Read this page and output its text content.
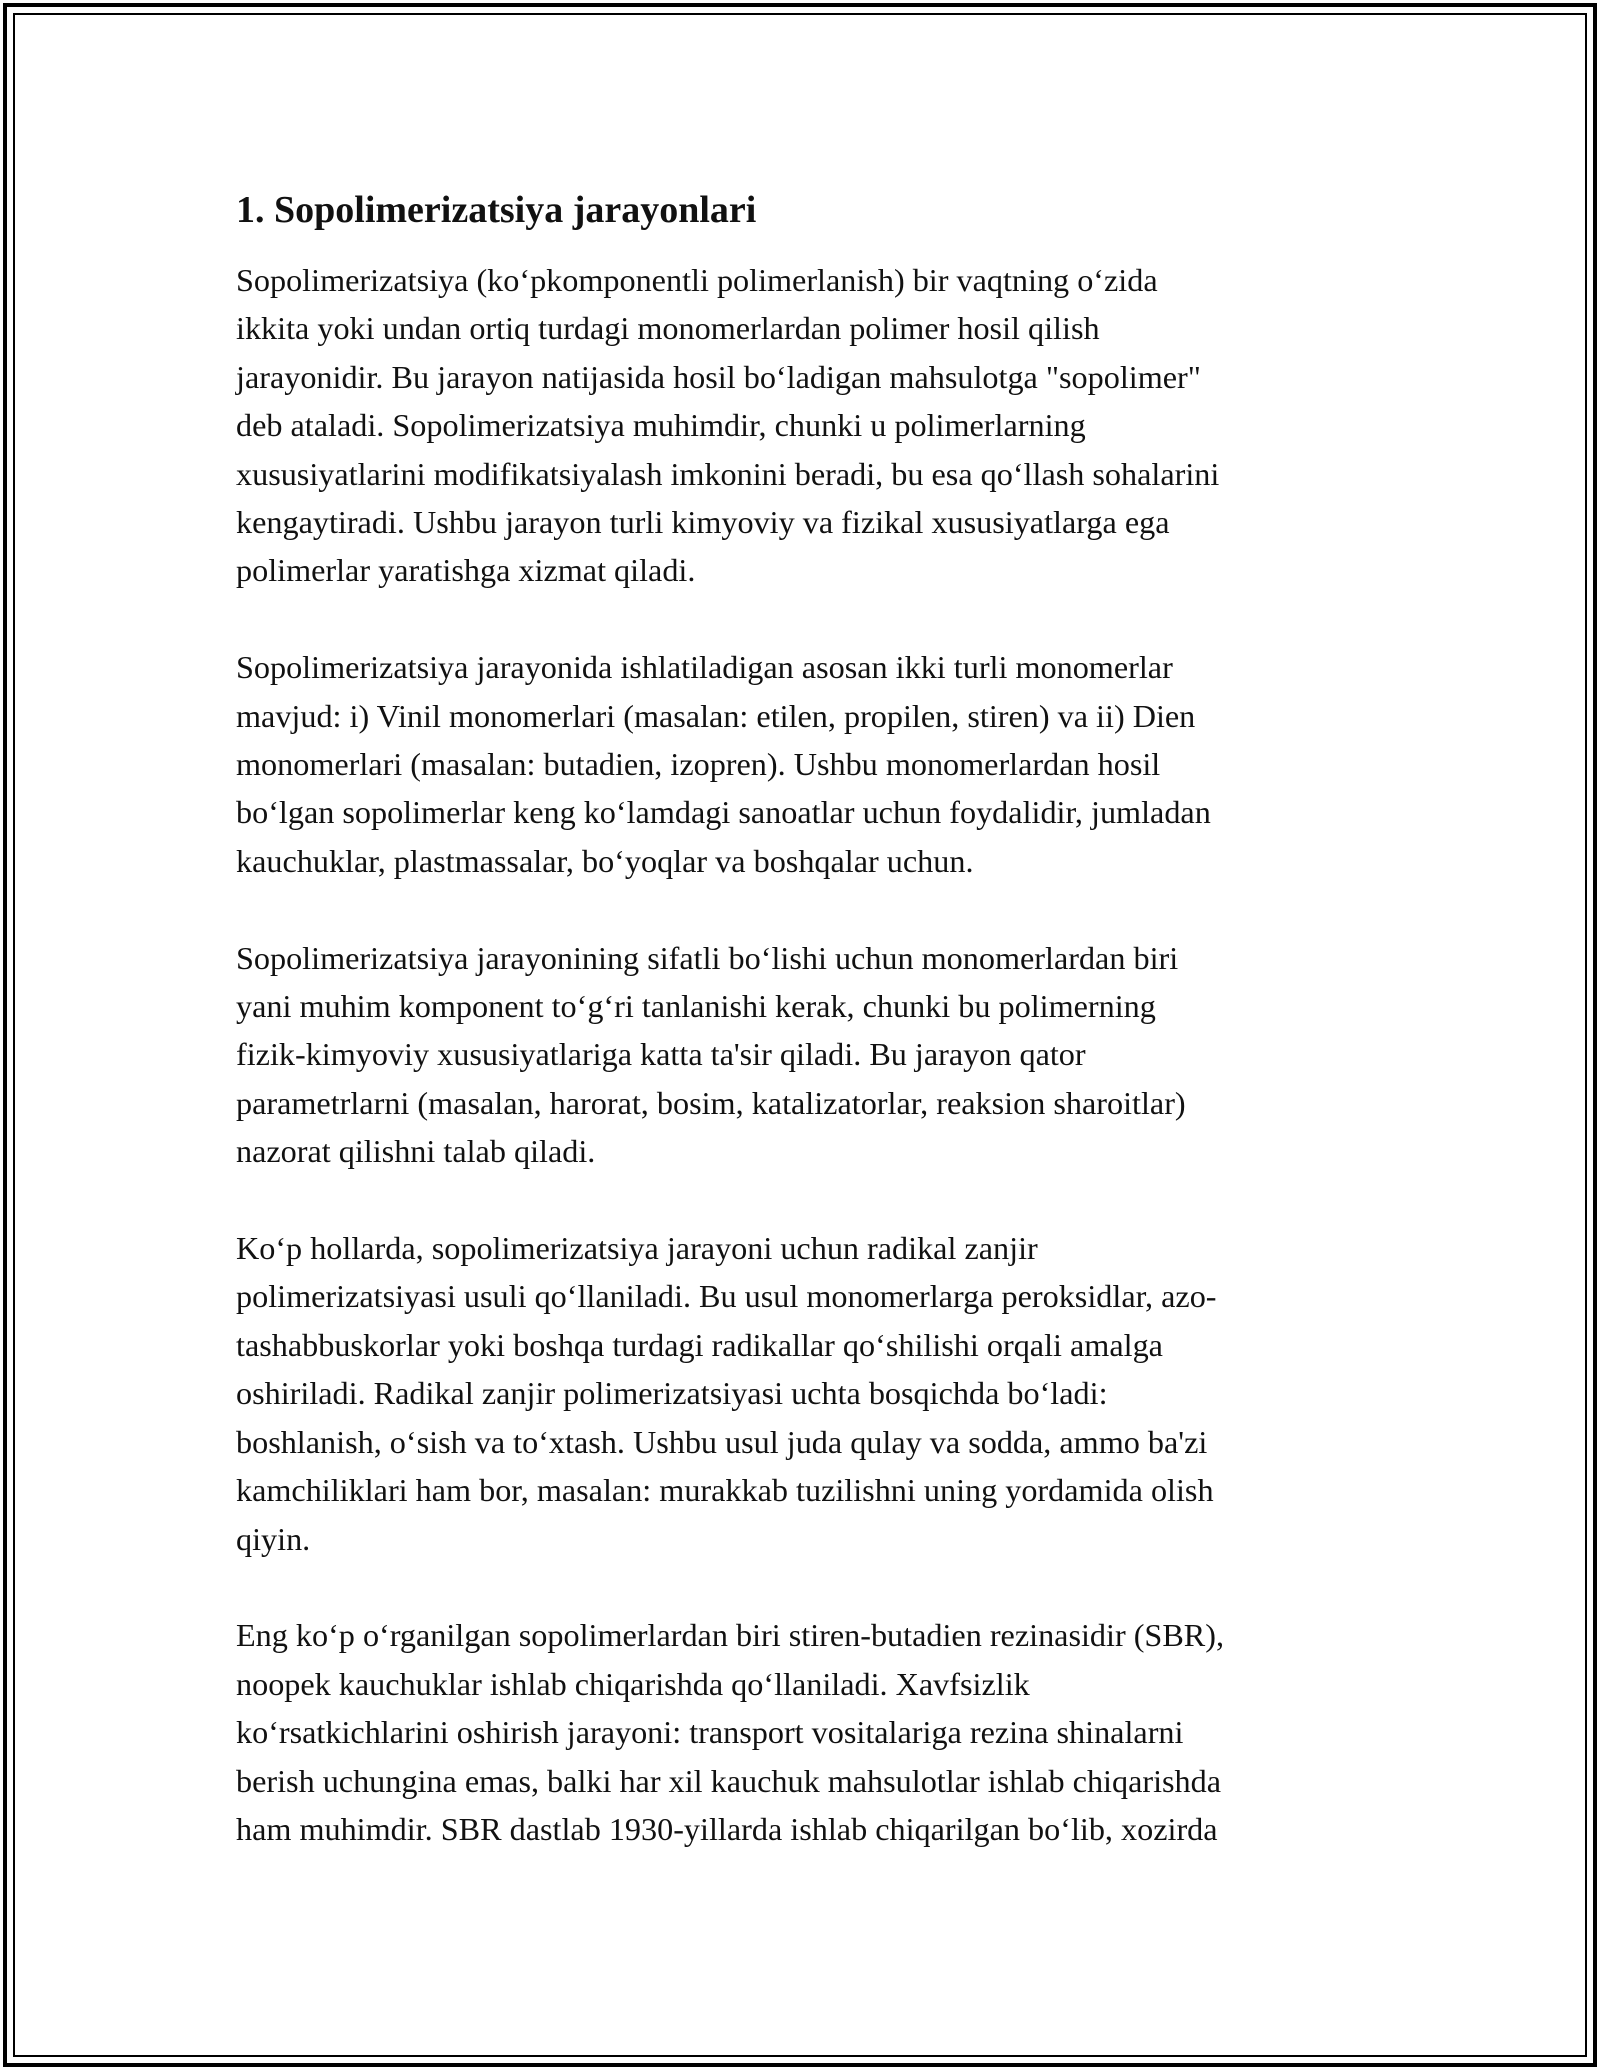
1. Sopolimerizatsiya jarayonlari
Sopolimerizatsiya (ko‘pkomponentli polimerlanish) bir vaqtning o‘zida
ikkita yoki undan ortiq turdagi monomerlardan polimer hosil qilish
jarayonidir. Bu jarayon natijasida hosil bo‘ladigan mahsulotga "sopolimer"
deb ataladi. Sopolimerizatsiya muhimdir, chunki u polimerlarning
xususiyatlarini modifikatsiyalash imkonini beradi, bu esa qo‘llash sohalarini
kengaytiradi. Ushbu jarayon turli kimyoviy va fizikal xususiyatlarga ega
polimerlar yaratishga xizmat qiladi.
Sopolimerizatsiya jarayonida ishlatiladigan asosan ikki turli monomerlar
mavjud: i) Vinil monomerlari (masalan: etilen, propilen, stiren) va ii) Dien
monomerlari (masalan: butadien, izopren). Ushbu monomerlardan hosil
bo‘lgan sopolimerlar keng ko‘lamdagi sanoatlar uchun foydalidir, jumladan
kauchuklar, plastmassalar, bo‘yoqlar va boshqalar uchun.
Sopolimerizatsiya jarayonining sifatli bo‘lishi uchun monomerlardan biri
yani muhim komponent to‘g‘ri tanlanishi kerak, chunki bu polimerning
fizik-kimyoviy xususiyatlariga katta ta'sir qiladi. Bu jarayon qator
parametrlarni (masalan, harorat, bosim, katalizatorlar, reaksion sharoitlar)
nazorat qilishni talab qiladi.
Ko‘p hollarda, sopolimerizatsiya jarayoni uchun radikal zanjir
polimerizatsiyasi usuli qo‘llaniladi. Bu usul monomerlarga peroksidlar, azo-
tashabbuskorlar yoki boshqa turdagi radikallar qo‘shilishi orqali amalga
oshiriladi. Radikal zanjir polimerizatsiyasi uchta bosqichda bo‘ladi:
boshlanish, o‘sish va to‘xtash. Ushbu usul juda qulay va sodda, ammo ba'zi
kamchiliklari ham bor, masalan: murakkab tuzilishni uning yordamida olish
qiyin.
Eng ko‘p o‘rganilgan sopolimerlardan biri stiren-butadien rezinasidir (SBR),
noopek kauchuklar ishlab chiqarishda qo‘llaniladi. Xavfsizlik
ko‘rsatkichlarini oshirish jarayoni: transport vositalariga rezina shinalarni
berish uchungina emas, balki har xil kauchuk mahsulotlar ishlab chiqarishda
ham muhimdir. SBR dastlab 1930-yillarda ishlab chiqarilgan bo‘lib, xozirda
